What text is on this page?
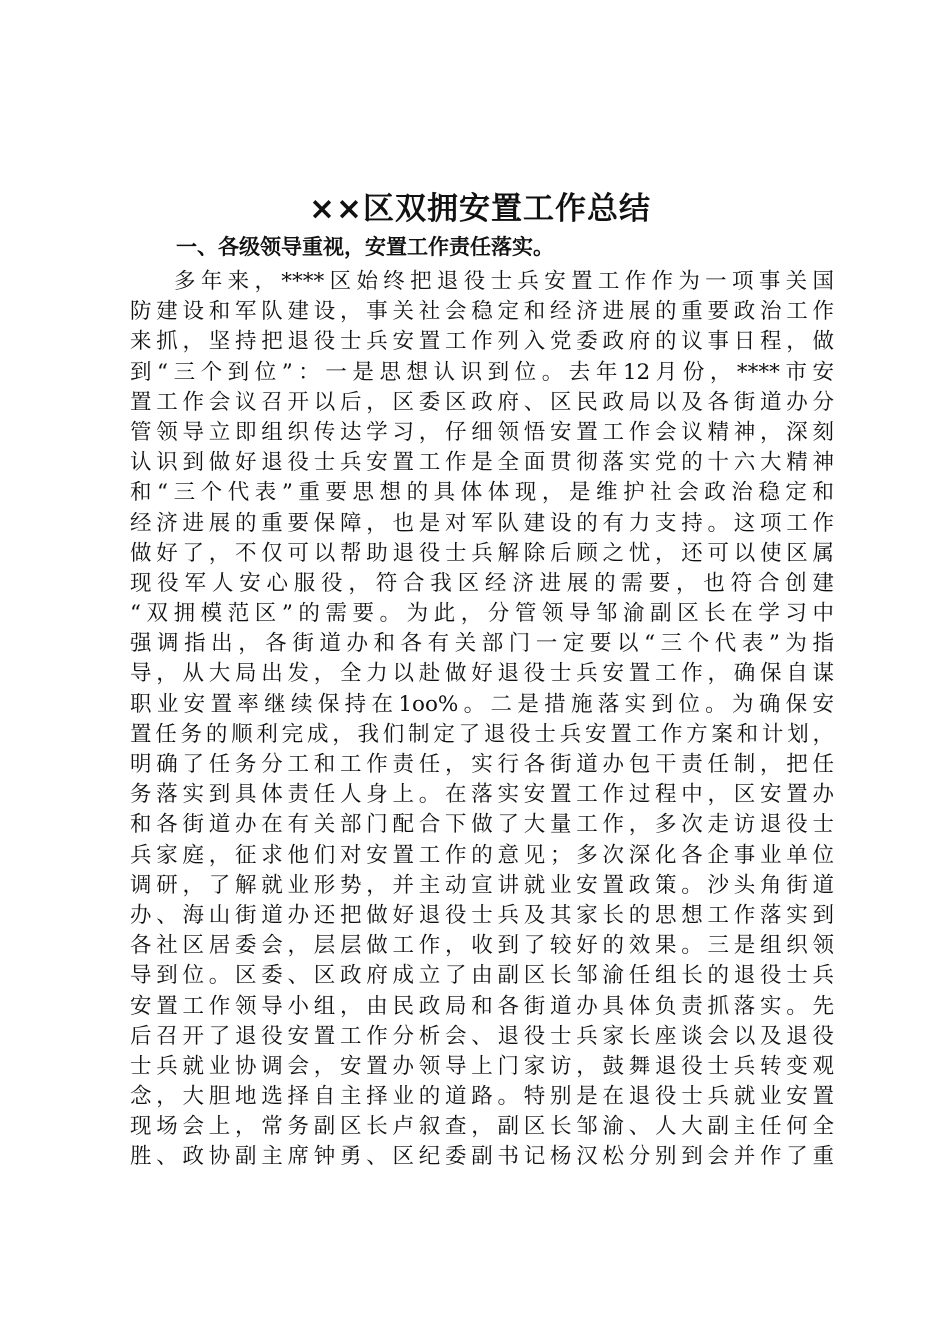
××区双拥安置工作总结
一、各级领导重视，安置工作责任落实。
多年来，****区始终把退役士兵安置工作作为一项事关国
防建设和军队建设，事关社会稳定和经济进展的重要政治工作
来抓，坚持把退役士兵安置工作列入党委政府的议事日程，做
到“三个到位”：一是思想认识到位。去年12月份，****市安
置工作会议召开以后，区委区政府、区民政局以及各街道办分
管领导立即组织传达学习，仔细领悟安置工作会议精神，深刻
认识到做好退役士兵安置工作是全面贯彻落实党的十六大精神
和“三个代表”重要思想的具体体现，是维护社会政治稳定和
经济进展的重要保障，也是对军队建设的有力支持。这项工作
做好了，不仅可以帮助退役士兵解除后顾之忧，还可以使区属
现役军人安心服役，符合我区经济进展的需要，也符合创建
“双拥模范区”的需要。为此，分管领导邹渝副区长在学习中
强调指出，各街道办和各有关部门一定要以“三个代表”为指
导，从大局出发，全力以赴做好退役士兵安置工作，确保自谋
职业安置率继续保持在1oo%。二是措施落实到位。为确保安
置任务的顺利完成，我们制定了退役士兵安置工作方案和计划，
明确了任务分工和工作责任，实行各街道办包干责任制，把任
务落实到具体责任人身上。在落实安置工作过程中，区安置办
和各街道办在有关部门配合下做了大量工作，多次走访退役士
兵家庭，征求他们对安置工作的意见；多次深化各企事业单位
调研，了解就业形势，并主动宣讲就业安置政策。沙头角街道
办、海山街道办还把做好退役士兵及其家长的思想工作落实到
各社区居委会，层层做工作，收到了较好的效果。三是组织领
导到位。区委、区政府成立了由副区长邹渝任组长的退役士兵
安置工作领导小组，由民政局和各街道办具体负责抓落实。先
后召开了退役安置工作分析会、退役士兵家长座谈会以及退役
士兵就业协调会，安置办领导上门家访，鼓舞退役士兵转变观
念，大胆地选择自主择业的道路。特别是在退役士兵就业安置
现场会上，常务副区长卢叙查，副区长邹渝、人大副主任何全
胜、政协副主席钟勇、区纪委副书记杨汉松分别到会并作了重
